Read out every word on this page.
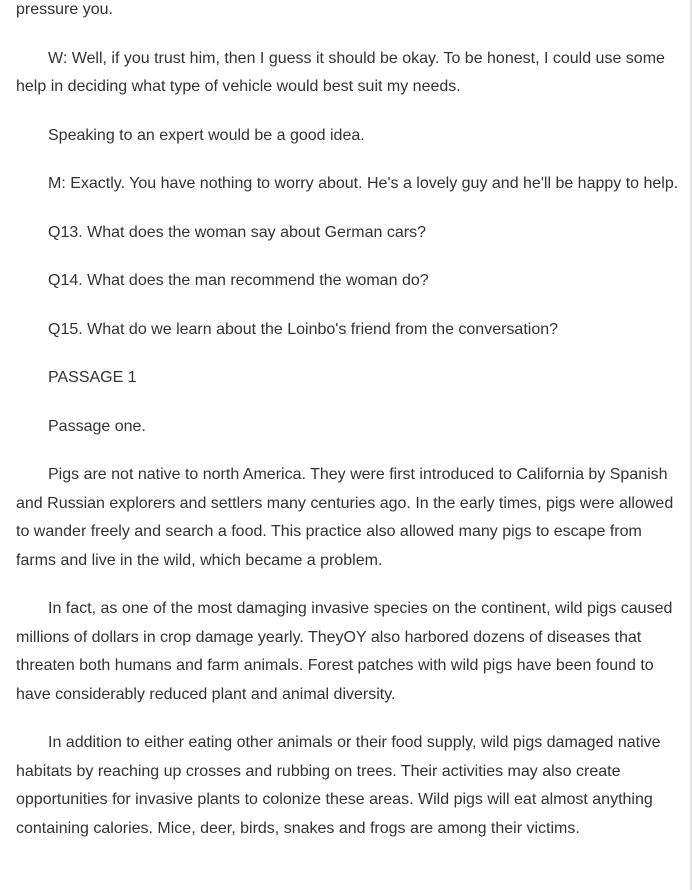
pressure you.

W: Well, if you trust him, then I guess it should be okay. To be honest, I could use some help in deciding what type of vehicle would best suit my needs.

Speaking to an expert would be a good idea.

M: Exactly. You have nothing to worry about. He's a lovely guy and he'll be happy to help.

Q13. What does the woman say about German cars?

Q14. What does the man recommend the woman do?

Q15. What do we learn about the Loinbo's friend from the conversation?

PASSAGE 1

Passage one.

Pigs are not native to north America. They were first introduced to California by Spanish and Russian explorers and settlers many centuries ago. In the early times, pigs were allowed to wander freely and search a food. This practice also allowed many pigs to escape from farms and live in the wild, which became a problem.

In fact, as one of the most damaging invasive species on the continent, wild pigs caused millions of dollars in crop damage yearly. TheyOY also harbored dozens of diseases that threaten both humans and farm animals. Forest patches with wild pigs have been found to have considerably reduced plant and animal diversity.

In addition to either eating other animals or their food supply, wild pigs damaged native habitats by reaching up crosses and rubbing on trees. Their activities may also create opportunities for invasive plants to colonize these areas. Wild pigs will eat almost anything containing calories. Mice, deer, birds, snakes and frogs are among their victims.
